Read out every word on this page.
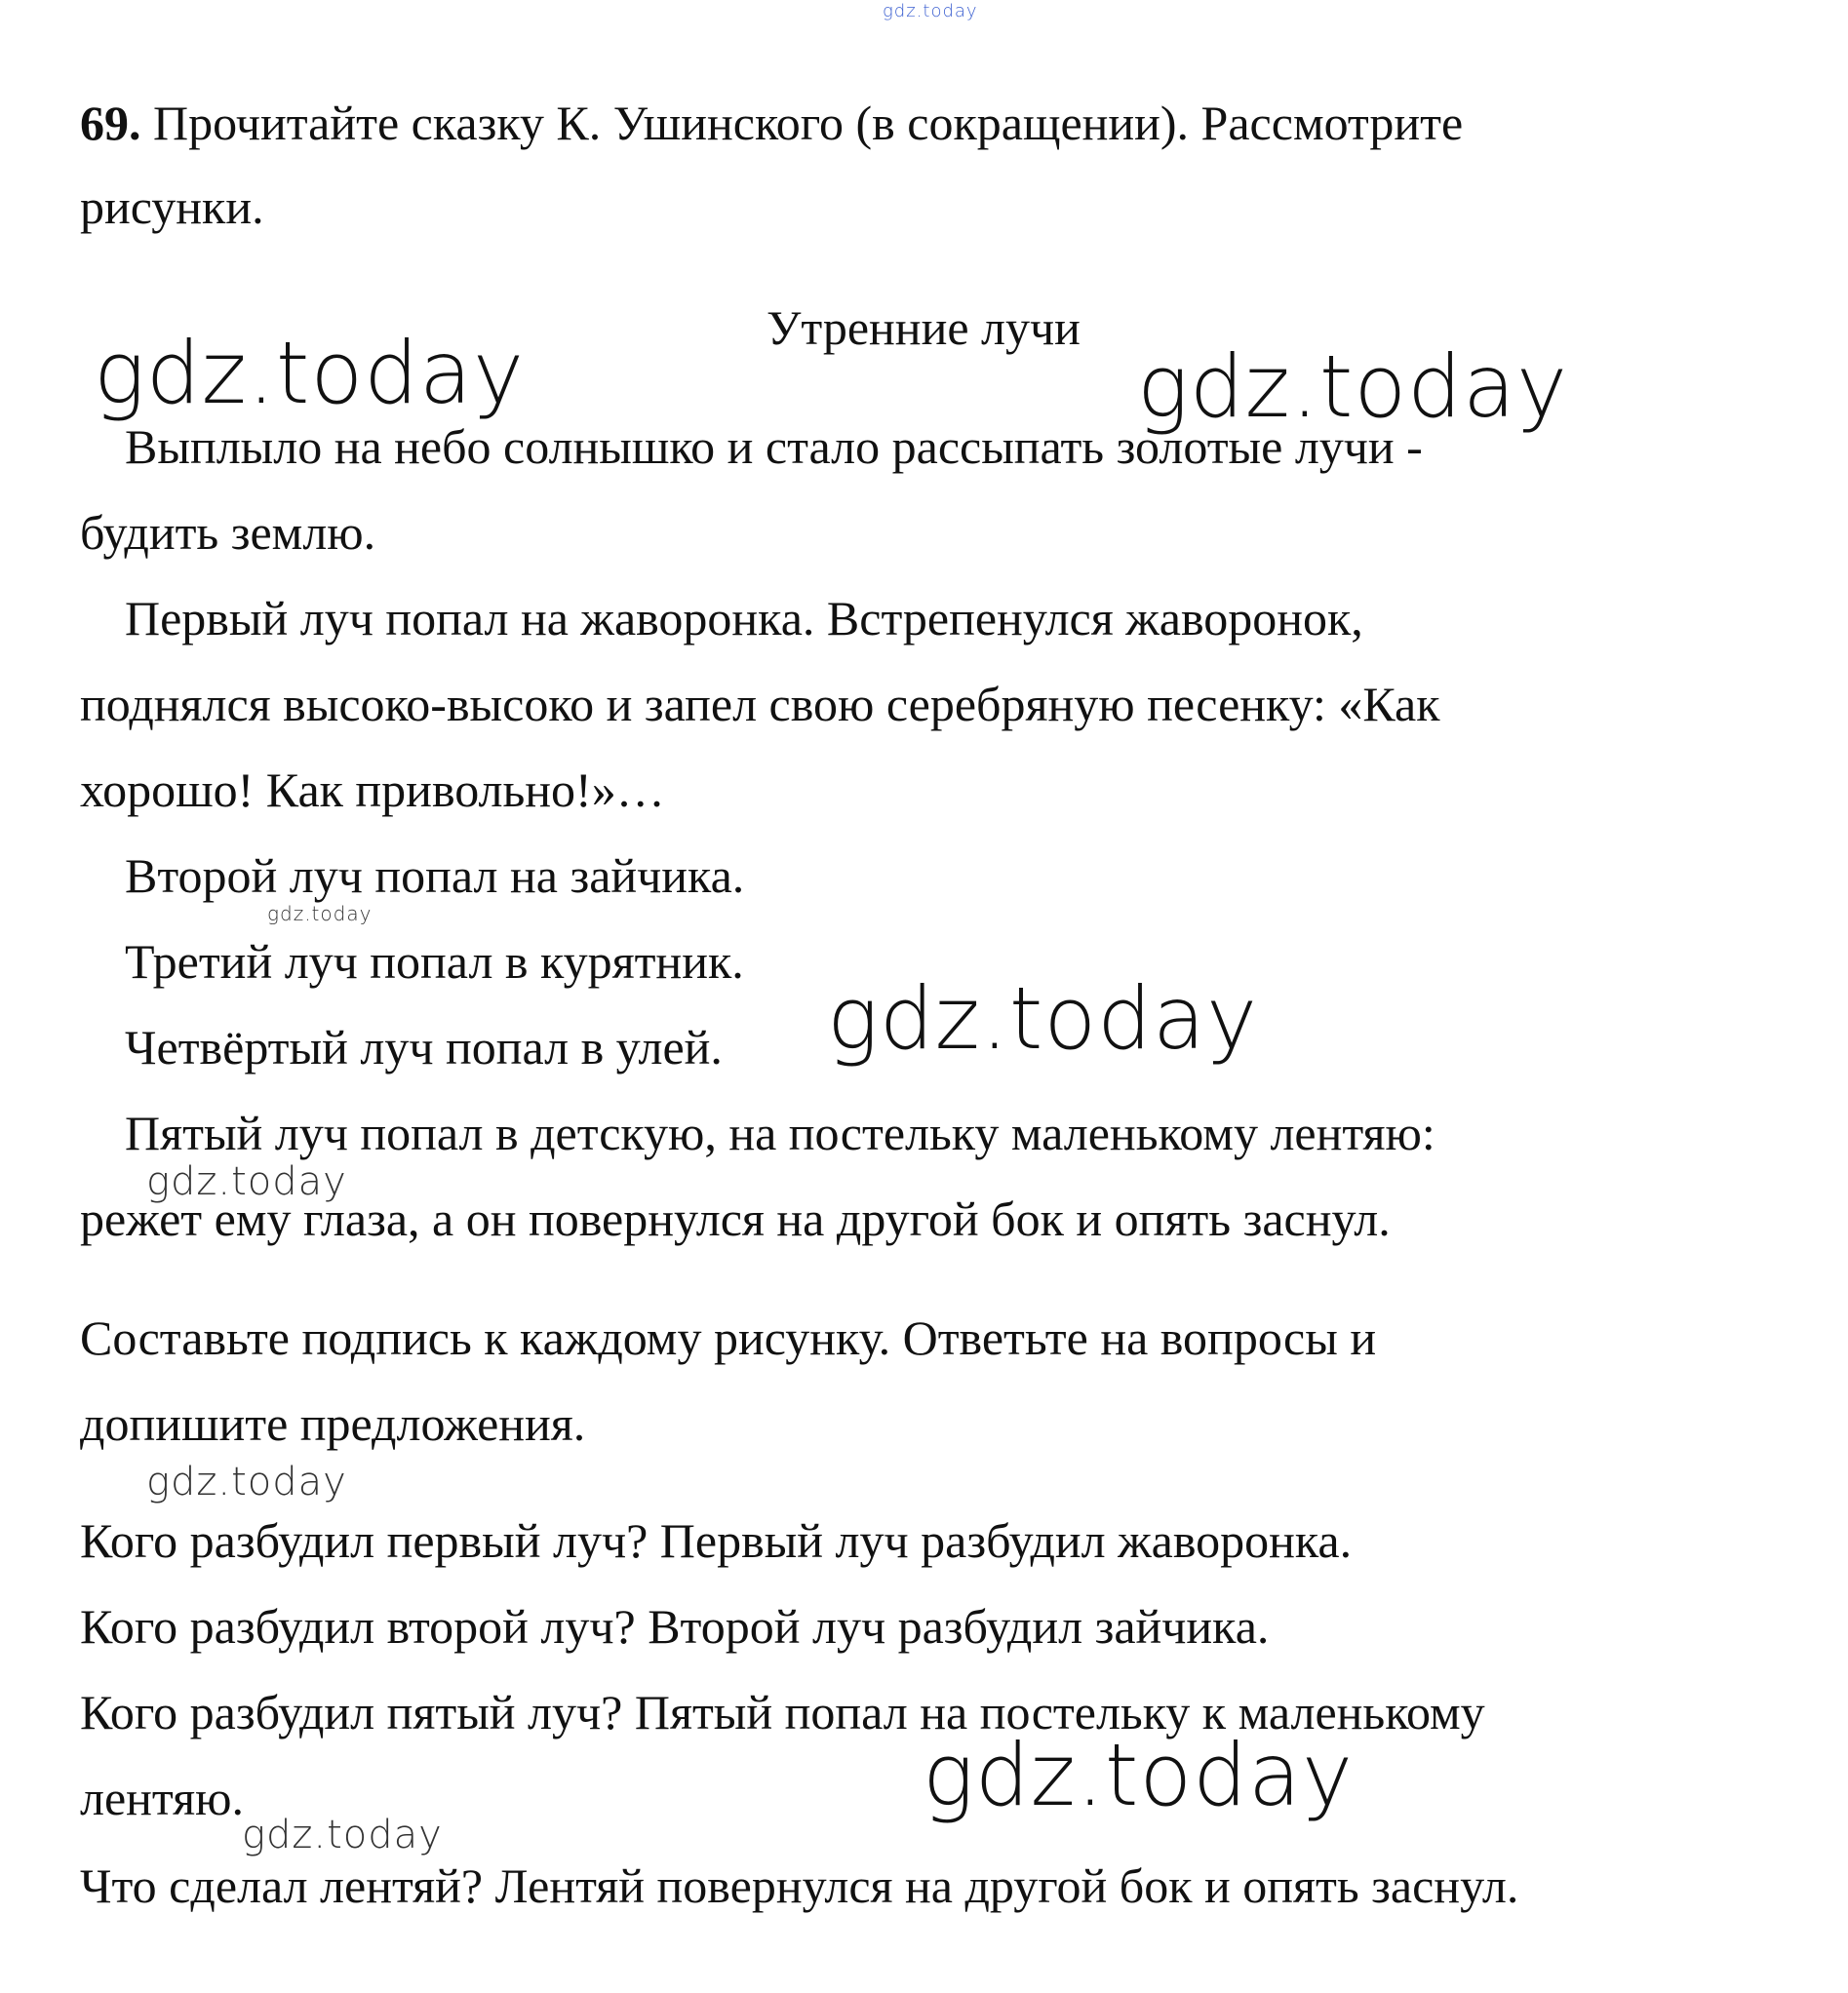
gdz.today
69. Прочитайте сказку К. Ушинского (в сокращении). Рассмотрите
рисунки.
Утренние лучи
Выплыло на небо солнышко и стало рассыпать золотые лучи -
будить землю.
Первый луч попал на жаворонка. Встрепенулся жаворонок,
поднялся высоко-высоко и запел свою серебряную песенку: «Как
хорошо! Как привольно!»…
Второй луч попал на зайчика.
Третий луч попал в курятник.
Четвёртый луч попал в улей.
Пятый луч попал в детскую, на постельку маленькому лентяю:
режет ему глаза, а он повернулся на другой бок и опять заснул.
Составьте подпись к каждому рисунку. Ответьте на вопросы и
допишите предложения.
Кого разбудил первый луч? Первый луч разбудил жаворонка.
Кого разбудил второй луч? Второй луч разбудил зайчика.
Кого разбудил пятый луч? Пятый попал на постельку к маленькому
лентяю.
Что сделал лентяй? Лентяй повернулся на другой бок и опять заснул.
gdz.today	gdz.today
gdz.today
gdz.today
gdz.today
gdz.today
gdz.today
gdz.today
